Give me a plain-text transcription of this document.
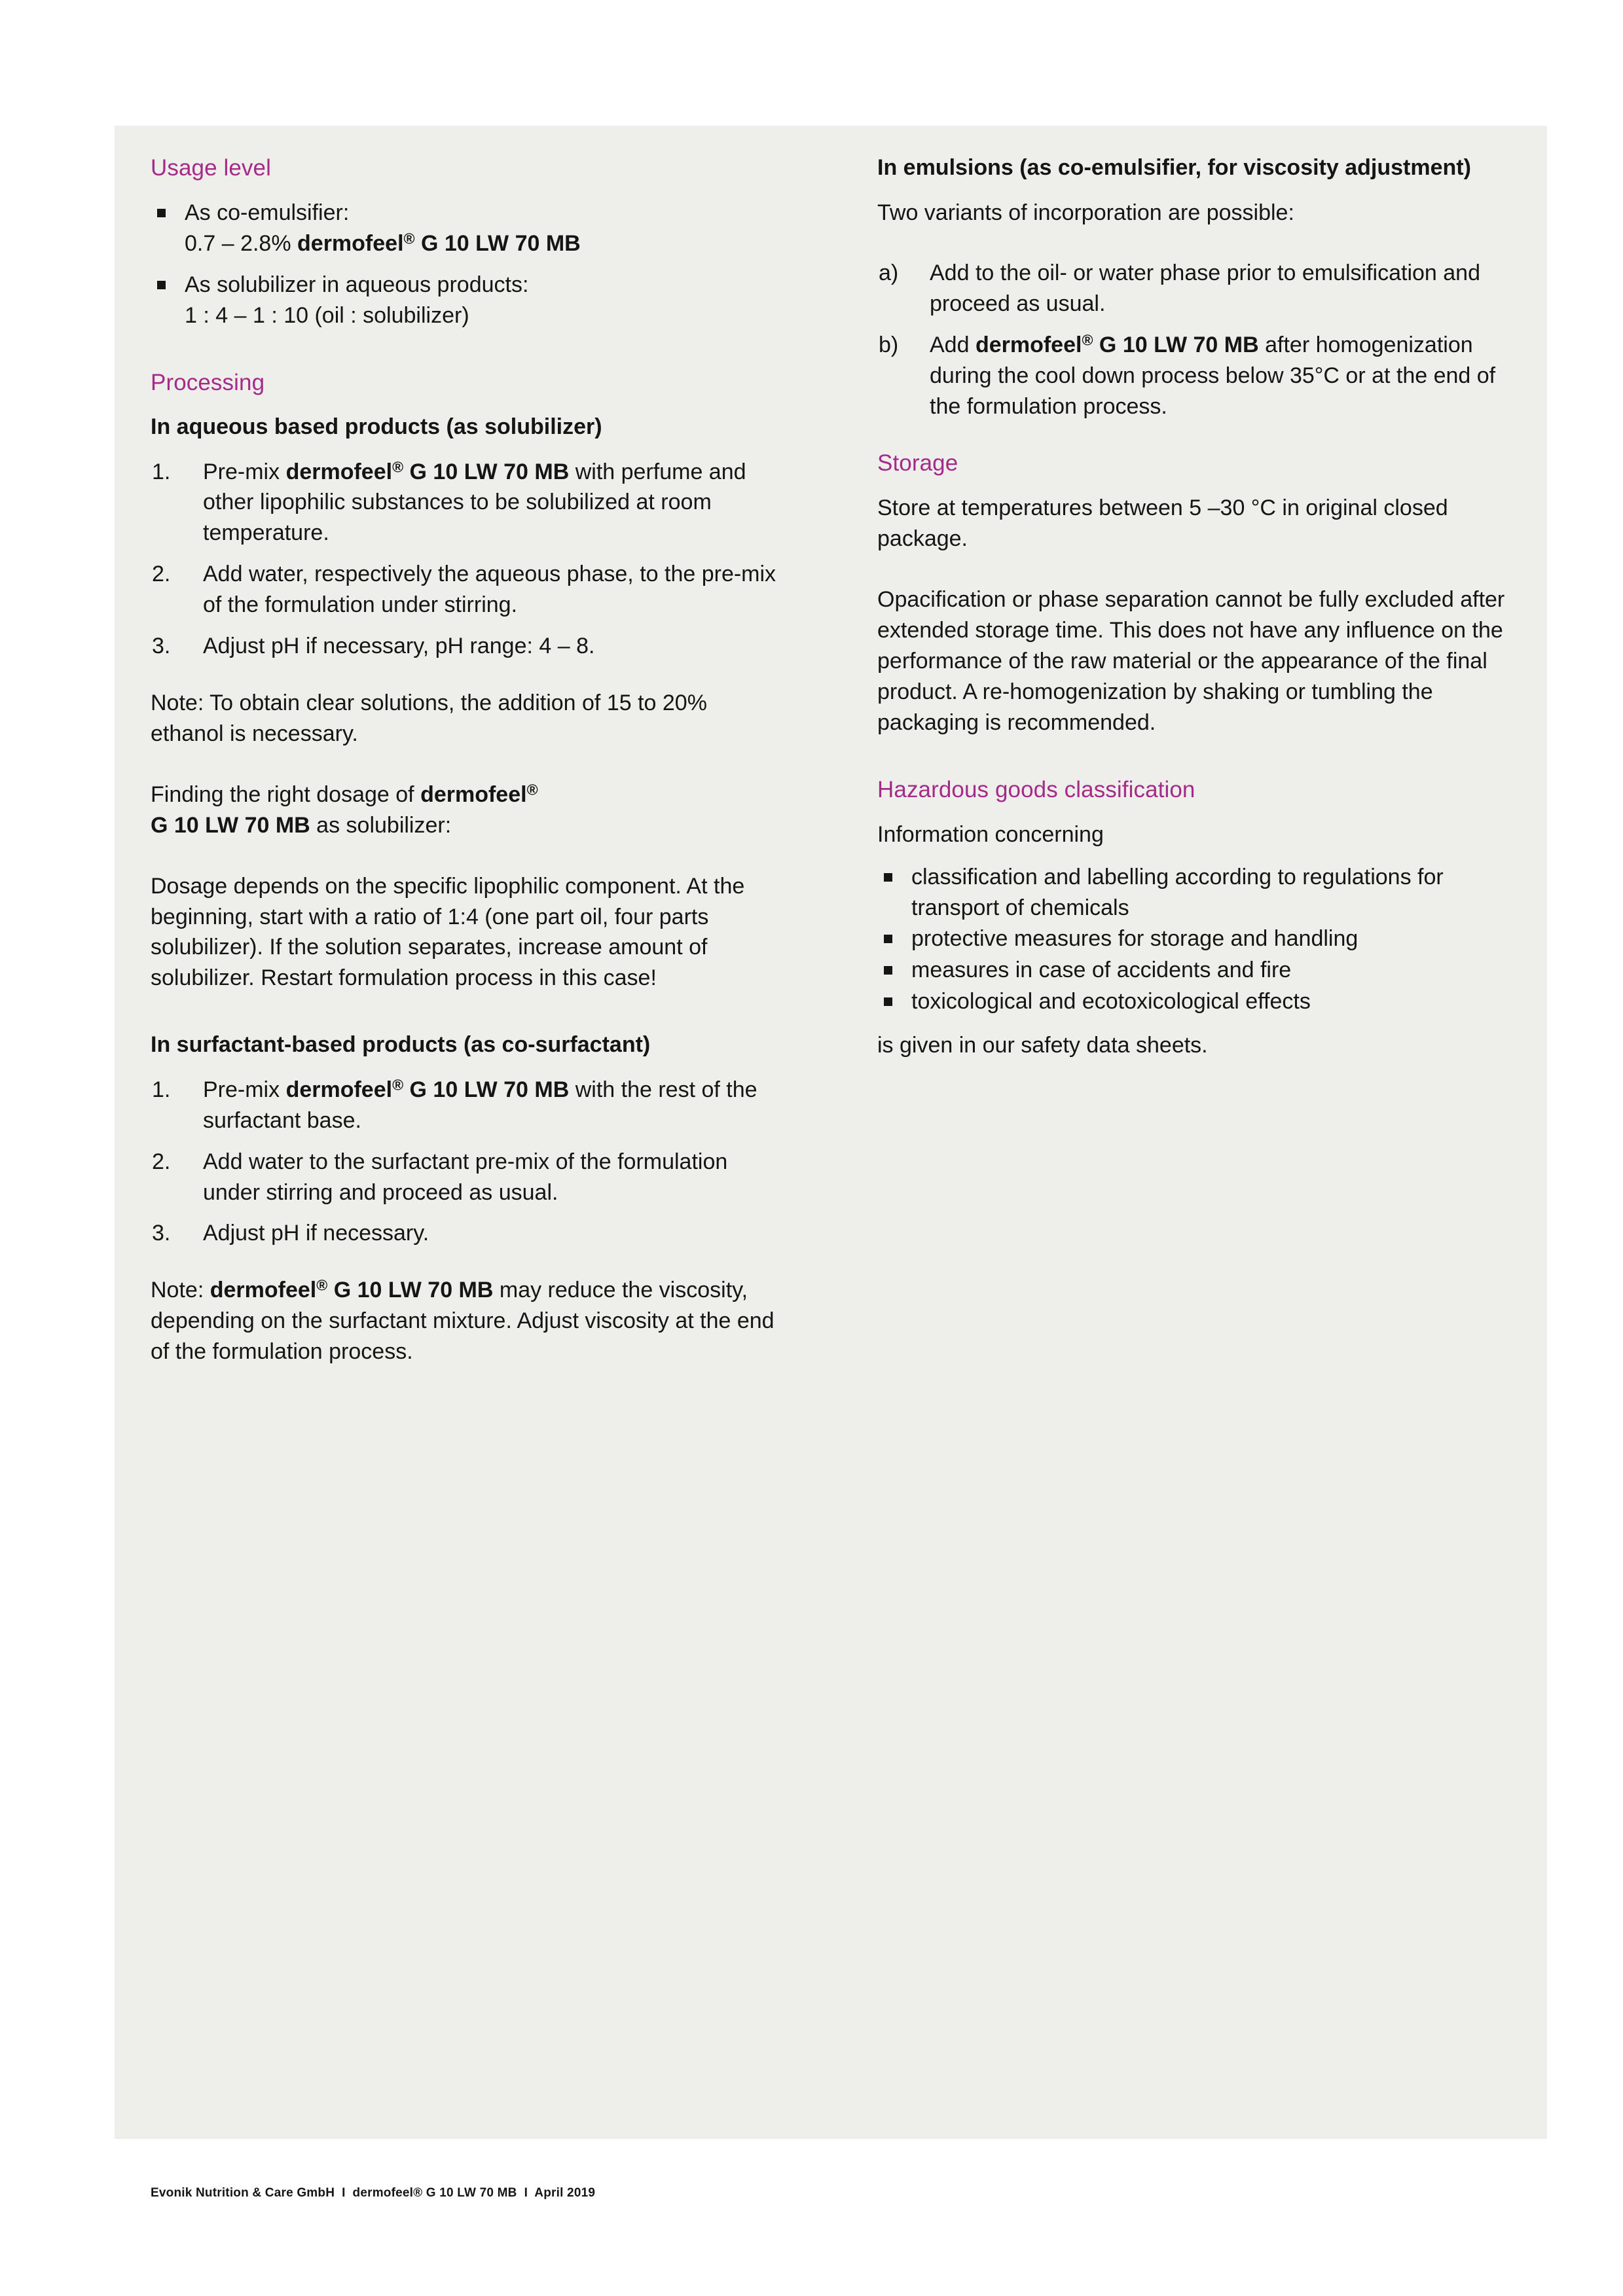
Usage level
As co-emulsifier:
0.7 – 2.8% dermofeel® G 10 LW 70 MB
As solubilizer in aqueous products:
1 : 4 – 1 : 10 (oil : solubilizer)
Processing
In aqueous based products (as solubilizer)
1.	Pre-mix dermofeel® G 10 LW 70 MB with perfume and other lipophilic substances to be solubilized at room temperature.
2.	Add water, respectively the aqueous phase, to the pre-mix of the formulation under stirring.
3.	Adjust pH if necessary, pH range: 4 – 8.

Note: To obtain clear solutions, the addition of 15 to 20% ethanol is necessary.

Finding the right dosage of dermofeel®
G 10 LW 70 MB as solubilizer:

Dosage depends on the specific lipophilic component. At the beginning, start with a ratio of 1:4 (one part oil, four parts solubilizer). If the solution separates, increase amount of solubilizer. Restart formulation process in this case!

In surfactant-based products (as co-surfactant)
1.	Pre-mix dermofeel® G 10 LW 70 MB with the rest of the surfactant base.
2.	Add water to the surfactant pre-mix of the formulation under stirring and proceed as usual.
3.	Adjust pH if necessary.

Note: dermofeel® G 10 LW 70 MB may reduce the viscosity, depending on the surfactant mixture. Adjust viscosity at the end of the formulation process.

In emulsions (as co-emulsifier, for viscosity adjustment)

Two variants of incorporation are possible:

a)	Add to the oil- or water phase prior to emulsification and proceed as usual.
b)	Add dermofeel® G 10 LW 70 MB after homogenization during the cool down process below 35°C or at the end of the formulation process.
Storage

Store at temperatures between 5 –30 °C in original closed package.

Opacification or phase separation cannot be fully excluded after extended storage time. This does not have any influence on the performance of the raw material or the appearance of the final product. A re-homogenization by shaking or tumbling the packaging is recommended.

Hazardous goods classification

Information concerning

classification and labelling according to regulations for transport of chemicals
protective measures for storage and handling
measures in case of accidents and fire
toxicological and ecotoxicological effects

is given in our safety data sheets.

Evonik Nutrition & Care GmbH  I  dermofeel® G 10 LW 70 MB  I  April 2019
